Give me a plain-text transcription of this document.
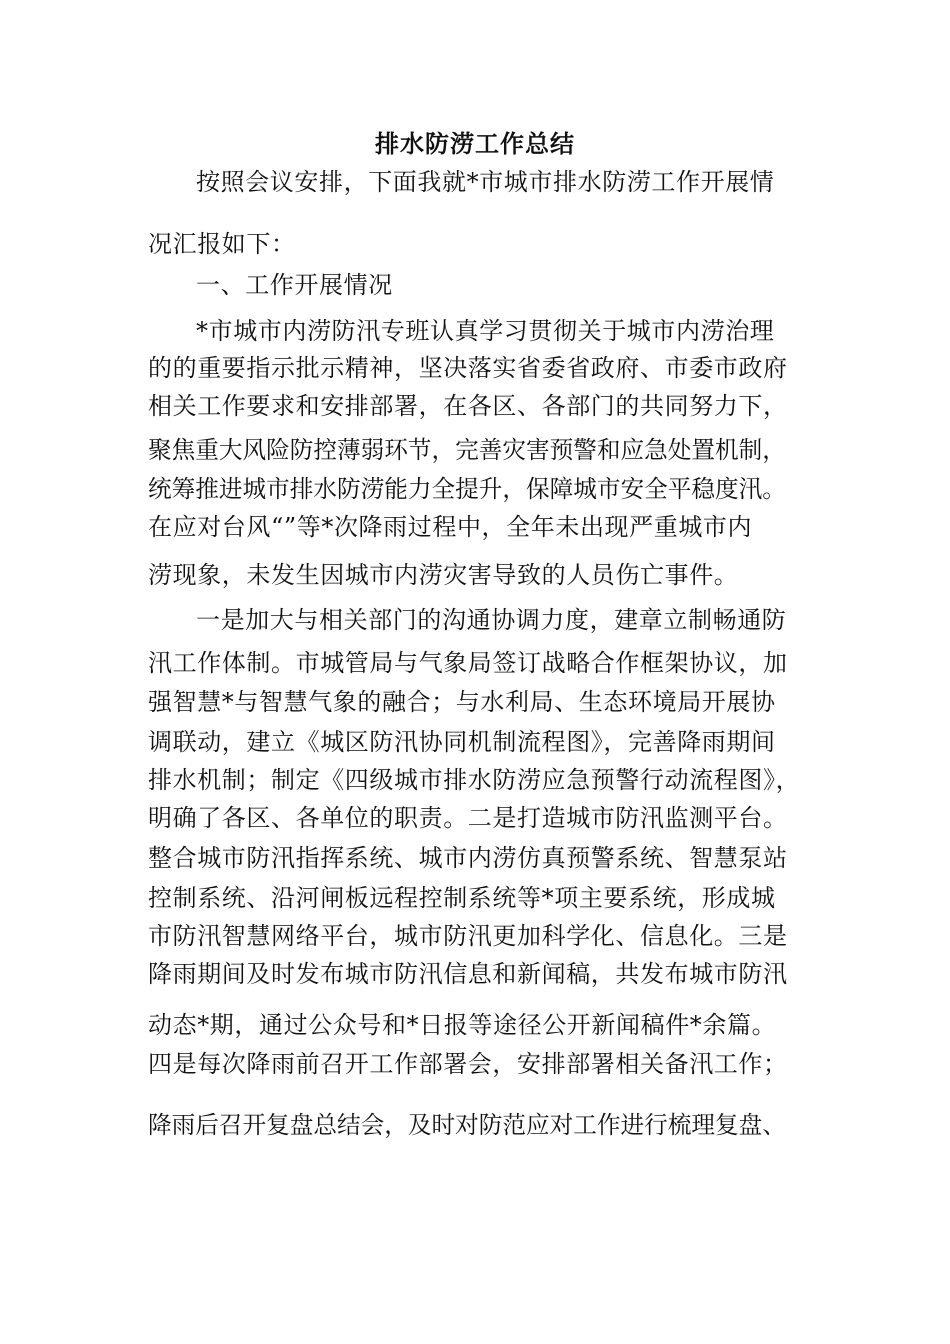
排水防涝工作总结
按照会议安排，下面我就*市城市排水防涝工作开展情
况汇报如下：
一、工作开展情况
*市城市内涝防汛专班认真学习贯彻关于城市内涝治理
的的重要指示批示精神，坚决落实省委省政府、市委市政府
相关工作要求和安排部署，在各区、各部门的共同努力下，
聚焦重大风险防控薄弱环节，完善灾害预警和应急处置机制，
统筹推进城市排水防涝能力全提升，保障城市安全平稳度汛。
在应对台风“”等*次降雨过程中，全年未出现严重城市内
涝现象，未发生因城市内涝灾害导致的人员伤亡事件。
一是加大与相关部门的沟通协调力度，建章立制畅通防
汛工作体制。市城管局与气象局签订战略合作框架协议，加
强智慧*与智慧气象的融合；与水利局、生态环境局开展协
调联动，建立《城区防汛协同机制流程图》，完善降雨期间
排水机制；制定《四级城市排水防涝应急预警行动流程图》，
明确了各区、各单位的职责。二是打造城市防汛监测平台。
整合城市防汛指挥系统、城市内涝仿真预警系统、智慧泵站
控制系统、沿河闸板远程控制系统等*项主要系统，形成城
市防汛智慧网络平台，城市防汛更加科学化、信息化。三是
降雨期间及时发布城市防汛信息和新闻稿，共发布城市防汛
动态*期，通过公众号和*日报等途径公开新闻稿件*余篇。
四是每次降雨前召开工作部署会，安排部署相关备汛工作；
降雨后召开复盘总结会，及时对防范应对工作进行梳理复盘、
